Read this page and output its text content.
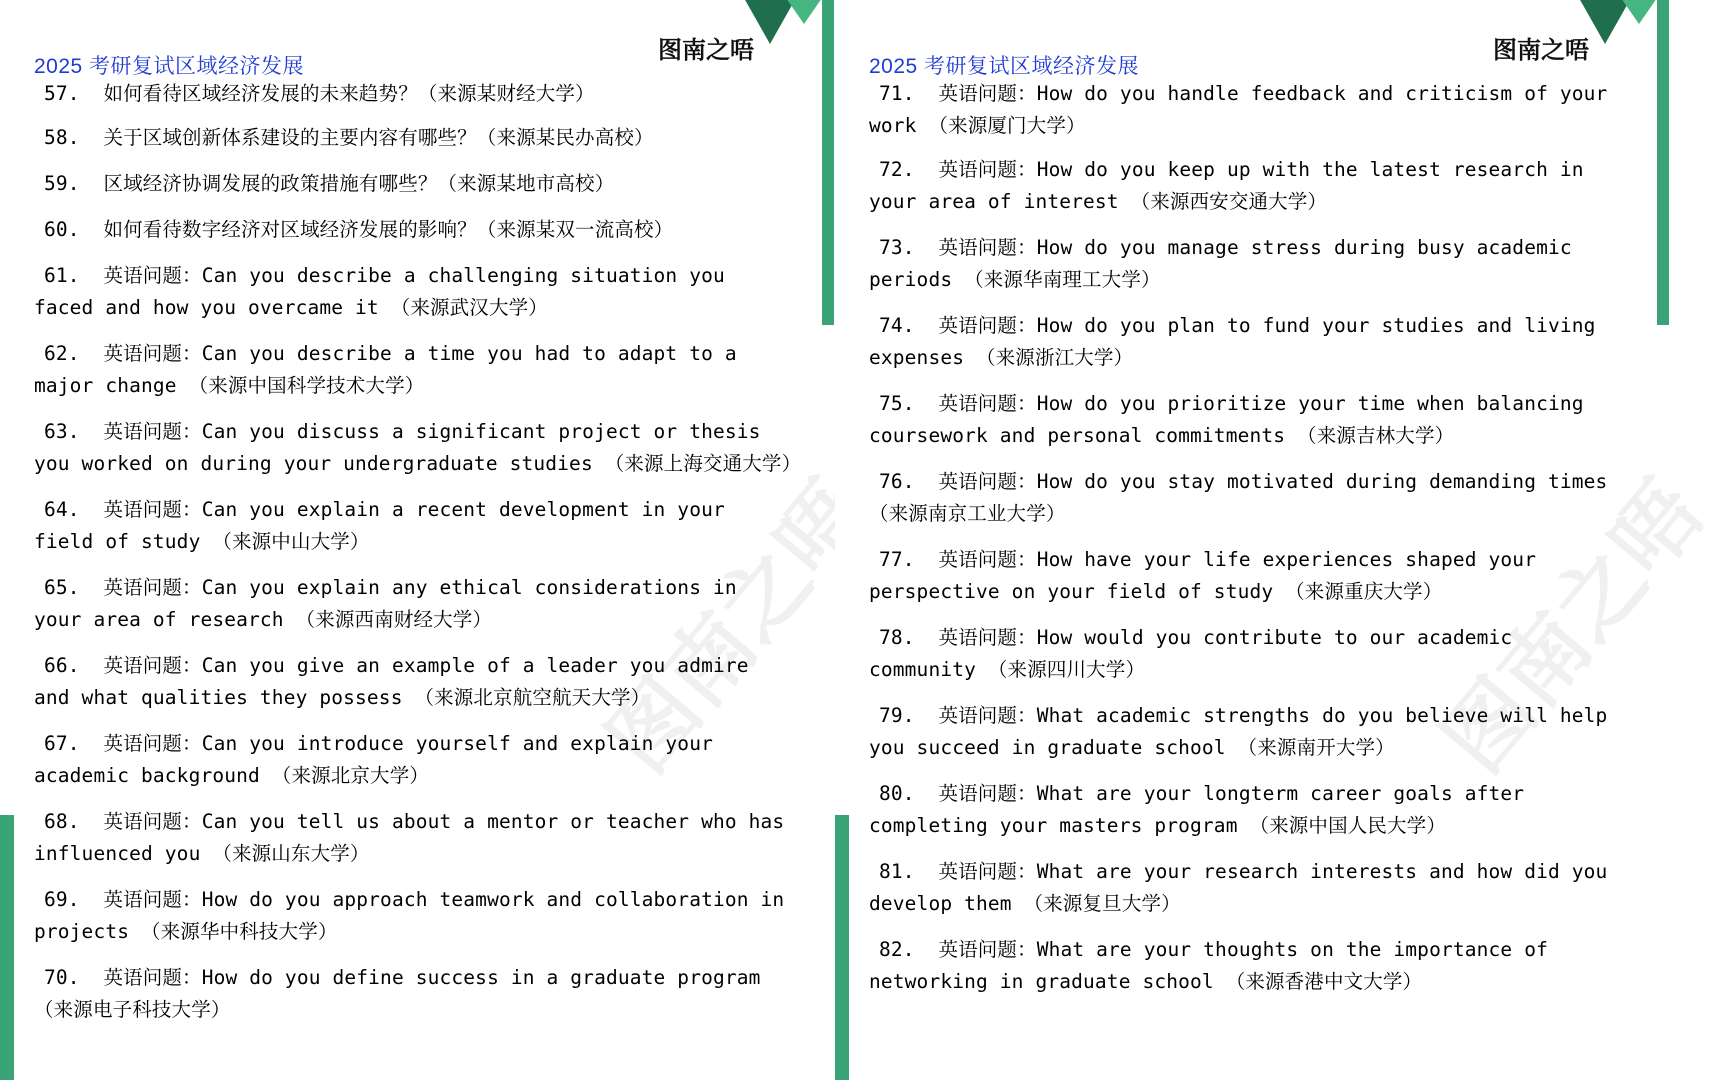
2025 考研复试区域经济发展
图南之唔
图南之唔
57. 如何看待区域经济发展的未来趋势？（来源某财经大学）
58. 关于区域创新体系建设的主要内容有哪些？（来源某民办高校）
59. 区域经济协调发展的政策措施有哪些？（来源某地市高校）
60. 如何看待数字经济对区域经济发展的影响？（来源某双一流高校）
61. 英语问题：Can you describe a challenging situation you faced and how you overcame it （来源武汉大学）
62. 英语问题：Can you describe a time you had to adapt to a major change （来源中国科学技术大学）
63. 英语问题：Can you discuss a significant project or thesis you worked on during your undergraduate studies （来源上海交通大学）
64. 英语问题：Can you explain a recent development in your field of study （来源中山大学）
65. 英语问题：Can you explain any ethical considerations in your area of research （来源西南财经大学）
66. 英语问题：Can you give an example of a leader you admire and what qualities they possess （来源北京航空航天大学）
67. 英语问题：Can you introduce yourself and explain your academic background （来源北京大学）
68. 英语问题：Can you tell us about a mentor or teacher who has influenced you （来源山东大学）
69. 英语问题：How do you approach teamwork and collaboration in projects （来源华中科技大学）
70. 英语问题：How do you define success in a graduate program （来源电子科技大学）
2025 考研复试区域经济发展
图南之唔
图南之唔
71. 英语问题：How do you handle feedback and criticism of your work （来源厦门大学）
72. 英语问题：How do you keep up with the latest research in your area of interest （来源西安交通大学）
73. 英语问题：How do you manage stress during busy academic periods （来源华南理工大学）
74. 英语问题：How do you plan to fund your studies and living expenses （来源浙江大学）
75. 英语问题：How do you prioritize your time when balancing coursework and personal commitments （来源吉林大学）
76. 英语问题：How do you stay motivated during demanding times （来源南京工业大学）
77. 英语问题：How have your life experiences shaped your perspective on your field of study （来源重庆大学）
78. 英语问题：How would you contribute to our academic community （来源四川大学）
79. 英语问题：What academic strengths do you believe will help you succeed in graduate school （来源南开大学）
80. 英语问题：What are your longterm career goals after completing your masters program （来源中国人民大学）
81. 英语问题：What are your research interests and how did you develop them （来源复旦大学）
82. 英语问题：What are your thoughts on the importance of networking in graduate school （来源香港中文大学）
